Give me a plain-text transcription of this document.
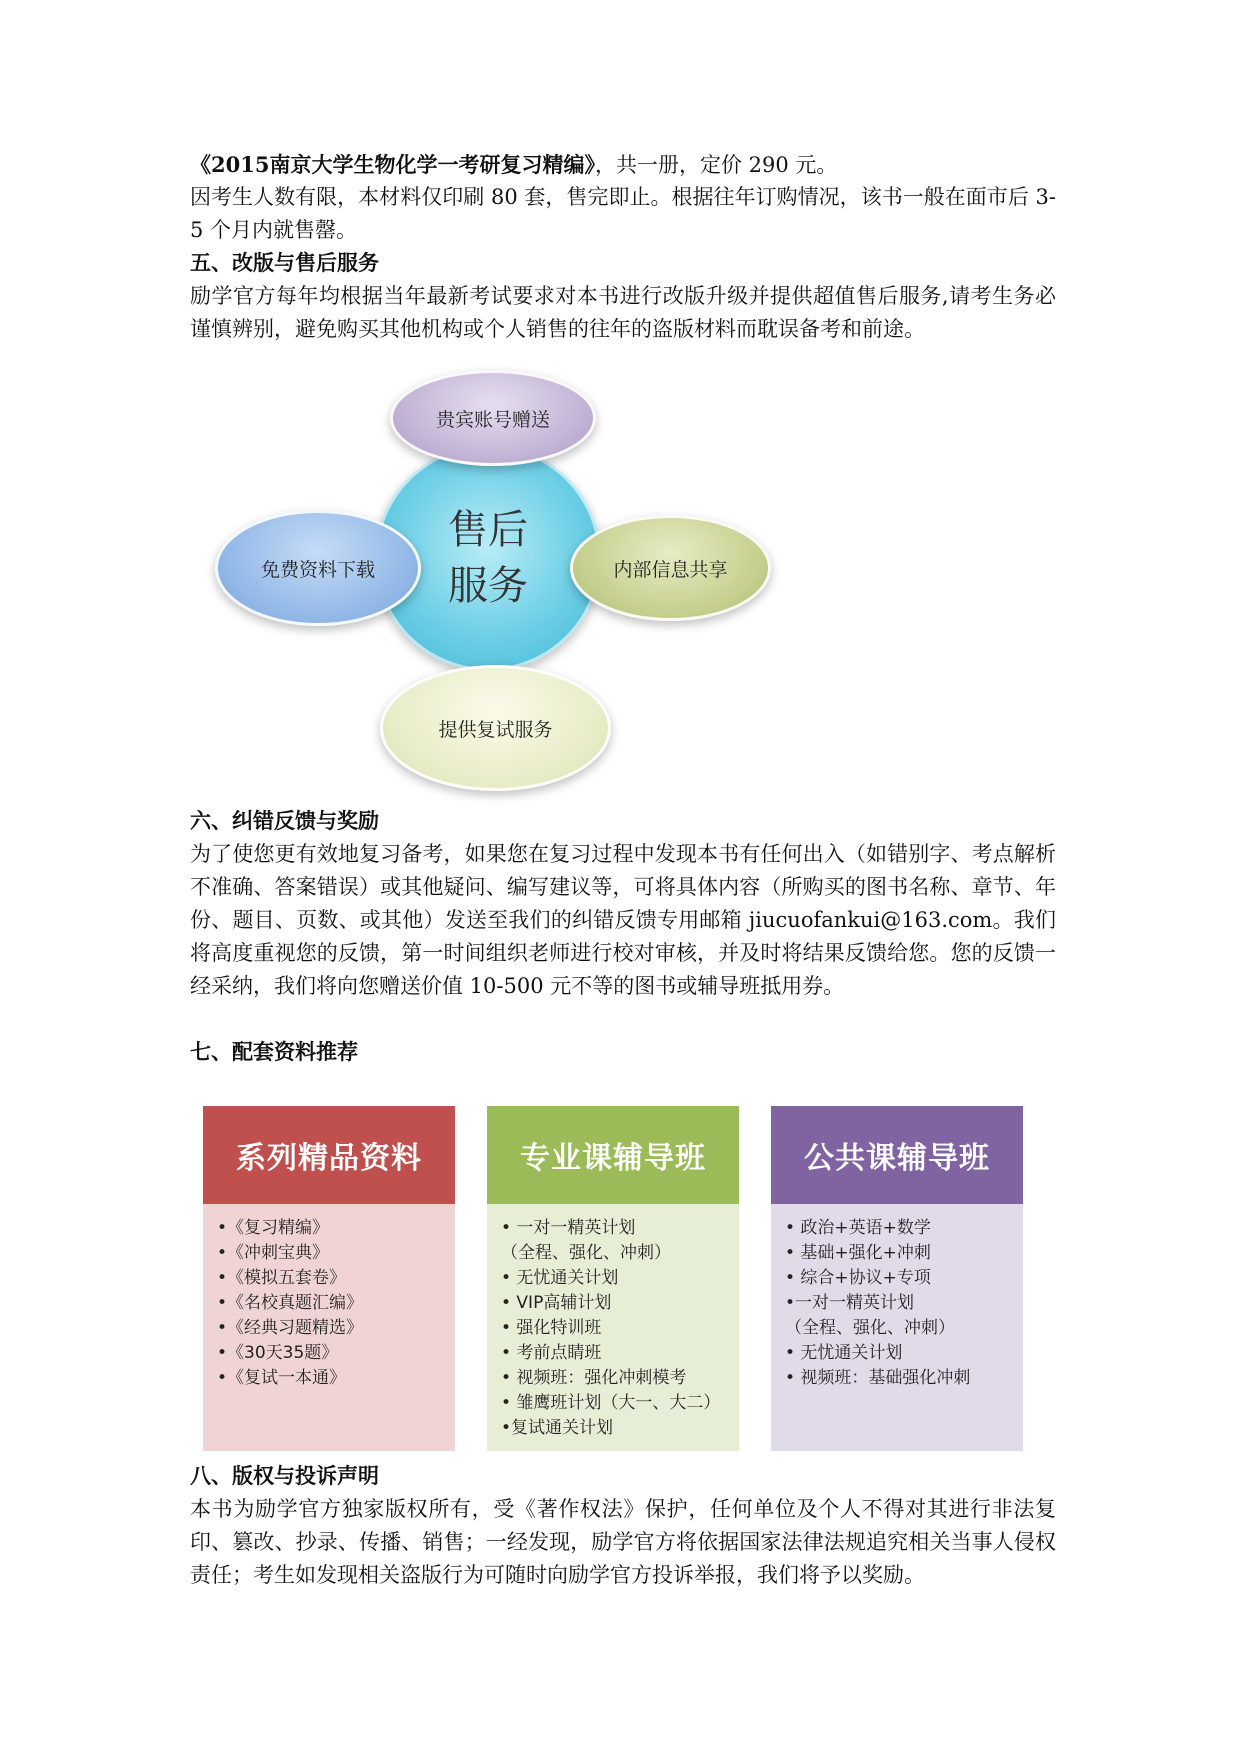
《2015南京大学生物化学一考研复习精编》，共一册，定价 290 元。

因考生人数有限，本材料仅印刷 80 套，售完即止。根据往年订购情况，该书一般在面市后 3-5 个月内就售罄。

五、改版与售后服务

励学官方每年均根据当年最新考试要求对本书进行改版升级并提供超值售后服务,请考生务必谨慎辨别，避免购买其他机构或个人销售的往年的盗版材料而耽误备考和前途。

售后
服务
贵宾账号赠送
免费资料下载	内部信息共享
提供复试服务

六、纠错反馈与奖励

为了使您更有效地复习备考，如果您在复习过程中发现本书有任何出入（如错别字、考点解析不准确、答案错误）或其他疑问、编写建议等，可将具体内容（所购买的图书名称、章节、年份、题目、页数、或其他）发送至我们的纠错反馈专用邮箱 jiucuofankui@163.com。我们将高度重视您的反馈，第一时间组织老师进行校对审核，并及时将结果反馈给您。您的反馈一经采纳，我们将向您赠送价值 10-500 元不等的图书或辅导班抵用券。

七、配套资料推荐

系列精品资料
•《复习精编》
•《冲刺宝典》
•《模拟五套卷》
•《名校真题汇编》
•《经典习题精选》
•《30天35题》
•《复试一本通》
专业课辅导班
• 一对一精英计划
（全程、强化、冲刺）
• 无忧通关计划
• VIP高辅计划
• 强化特训班
• 考前点睛班
• 视频班：强化冲刺模考
• 雏鹰班计划（大一、大二）
•复试通关计划
公共课辅导班
• 政治+英语+数学
• 基础+强化+冲刺
• 综合+协议+专项
•一对一精英计划
（全程、强化、冲刺）
• 无忧通关计划
• 视频班：基础强化冲刺

八、版权与投诉声明

本书为励学官方独家版权所有，受《著作权法》保护，任何单位及个人不得对其进行非法复印、篡改、抄录、传播、销售；一经发现，励学官方将依据国家法律法规追究相关当事人侵权责任；考生如发现相关盗版行为可随时向励学官方投诉举报，我们将予以奖励。
